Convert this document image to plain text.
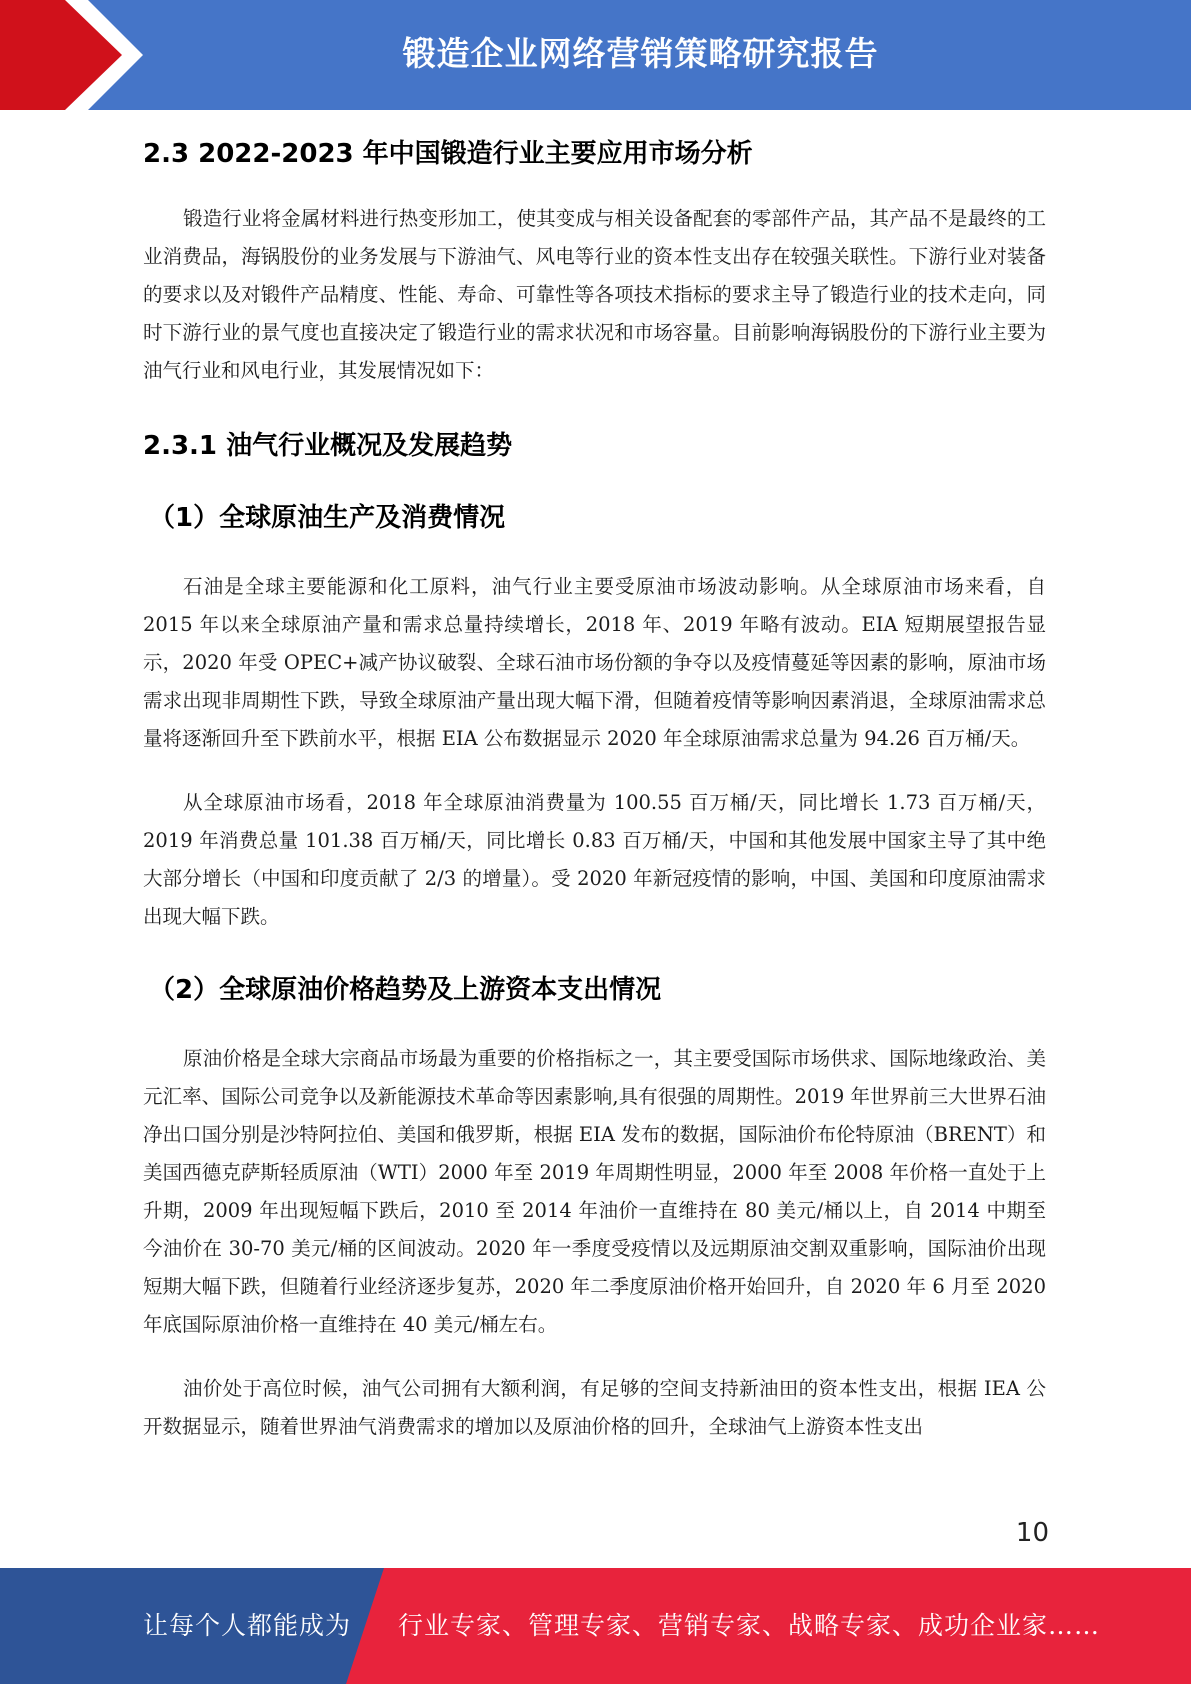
锻造企业网络营销策略研究报告
2.3 2022-2023 年中国锻造行业主要应用市场分析

锻造行业将金属材料进行热变形加工，使其变成与相关设备配套的零部件产品，其产品不是最终的工业消费品，海锅股份的业务发展与下游油气、风电等行业的资本性支出存在较强关联性。下游行业对装备的要求以及对锻件产品精度、性能、寿命、可靠性等各项技术指标的要求主导了锻造行业的技术走向，同时下游行业的景气度也直接决定了锻造行业的需求状况和市场容量。目前影响海锅股份的下游行业主要为油气行业和风电行业，其发展情况如下：

2.3.1 油气行业概况及发展趋势
（1）全球原油生产及消费情况

石油是全球主要能源和化工原料，油气行业主要受原油市场波动影响。从全球原油市场来看，自 2015 年以来全球原油产量和需求总量持续增长，2018 年、2019 年略有波动。EIA 短期展望报告显示，2020 年受 OPEC+减产协议破裂、全球石油市场份额的争夺以及疫情蔓延等因素的影响，原油市场需求出现非周期性下跌，导致全球原油产量出现大幅下滑，但随着疫情等影响因素消退，全球原油需求总量将逐渐回升至下跌前水平，根据 EIA 公布数据显示 2020 年全球原油需求总量为 94.26 百万桶/天。

从全球原油市场看，2018 年全球原油消费量为 100.55 百万桶/天，同比增长 1.73 百万桶/天，2019 年消费总量 101.38 百万桶/天，同比增长 0.83 百万桶/天，中国和其他发展中国家主导了其中绝大部分增长（中国和印度贡献了 2/3 的增量）。受 2020 年新冠疫情的影响，中国、美国和印度原油需求出现大幅下跌。

（2）全球原油价格趋势及上游资本支出情况

原油价格是全球大宗商品市场最为重要的价格指标之一，其主要受国际市场供求、国际地缘政治、美元汇率、国际公司竞争以及新能源技术革命等因素影响,具有很强的周期性。2019 年世界前三大世界石油净出口国分别是沙特阿拉伯、美国和俄罗斯，根据 EIA 发布的数据，国际油价布伦特原油（BRENT）和美国西德克萨斯轻质原油（WTI）2000 年至 2019 年周期性明显，2000 年至 2008 年价格一直处于上升期，2009 年出现短幅下跌后，2010 至 2014 年油价一直维持在 80 美元/桶以上，自 2014 中期至今油价在 30-70 美元/桶的区间波动。2020 年一季度受疫情以及远期原油交割双重影响，国际油价出现短期大幅下跌，但随着行业经济逐步复苏，2020 年二季度原油价格开始回升，自 2020 年 6 月至 2020 年底国际原油价格一直维持在 40 美元/桶左右。

油价处于高位时候，油气公司拥有大额利润，有足够的空间支持新油田的资本性支出，根据 IEA 公开数据显示，随着世界油气消费需求的增加以及原油价格的回升，全球油气上游资本性支出

10
让每个人都能成为 行业专家、管理专家、营销专家、战略专家、成功企业家……
